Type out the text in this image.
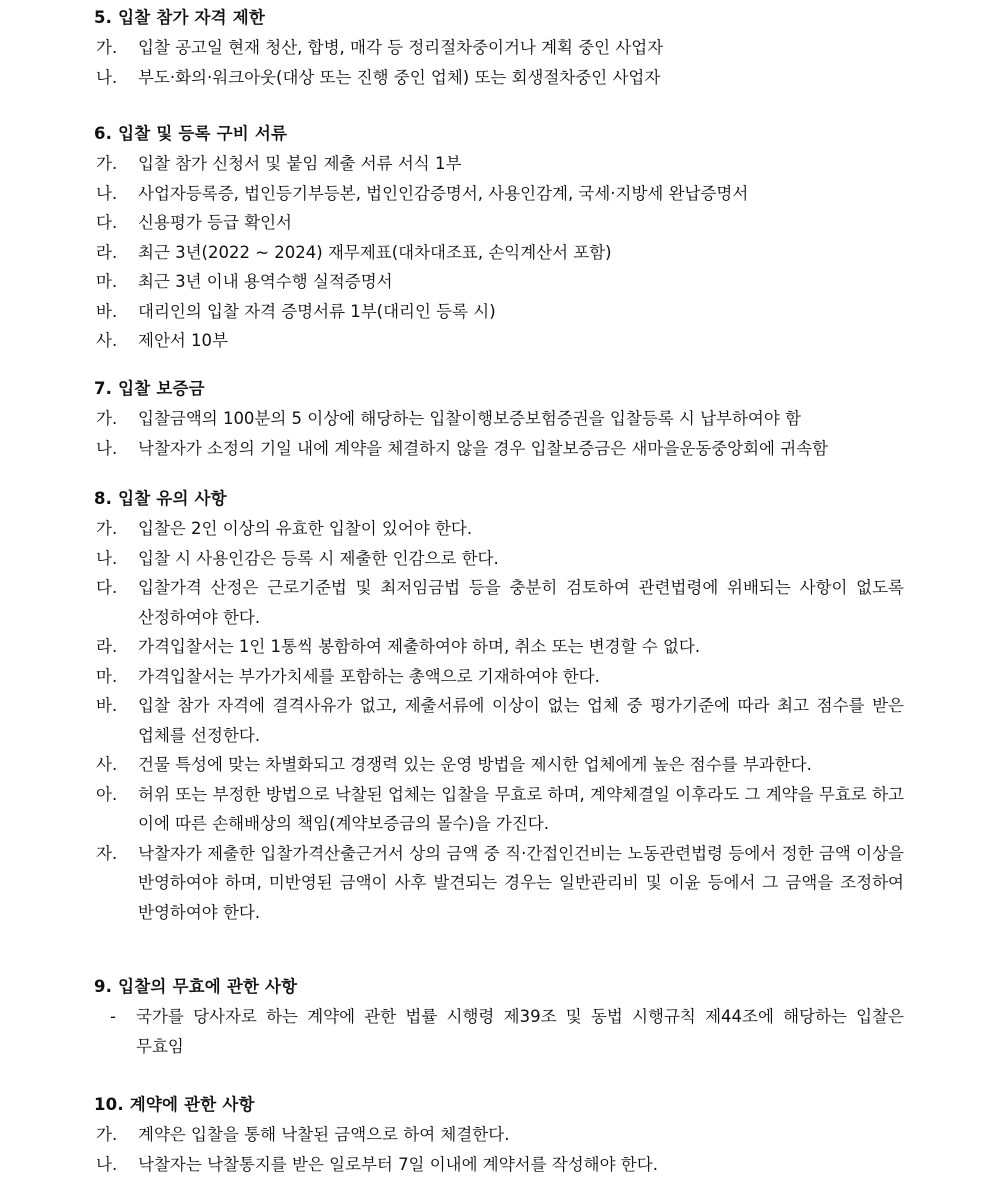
5. 입찰 참가 자격 제한
가.	입찰 공고일 현재 청산, 합병, 매각 등 정리절차중이거나 계획 중인 사업자
나.	부도·화의·워크아웃(대상 또는 진행 중인 업체) 또는 회생절차중인 사업자
6. 입찰 및 등록 구비 서류
가.	입찰 참가 신청서 및 붙임 제출 서류 서식 1부
나.	사업자등록증, 법인등기부등본, 법인인감증명서, 사용인감계, 국세·지방세 완납증명서
다.	신용평가 등급 확인서
라.	최근 3년(2022 ~ 2024) 재무제표(대차대조표, 손익계산서 포함)
마.	최근 3년 이내 용역수행 실적증명서
바.	대리인의 입찰 자격 증명서류 1부(대리인 등록 시)
사.	제안서 10부
7. 입찰 보증금
가.	입찰금액의 100분의 5 이상에 해당하는 입찰이행보증보험증권을 입찰등록 시 납부하여야 함
나.	낙찰자가 소정의 기일 내에 계약을 체결하지 않을 경우 입찰보증금은 새마을운동중앙회에 귀속함
8. 입찰 유의 사항
가.	입찰은 2인 이상의 유효한 입찰이 있어야 한다.
나.	입찰 시 사용인감은 등록 시 제출한 인감으로 한다.
다.	입찰가격 산정은 근로기준법 및 최저임금법 등을 충분히 검토하여 관련법령에 위배되는 사항이 없도록 산정하여야 한다.
라.	가격입찰서는 1인 1통씩 봉함하여 제출하여야 하며, 취소 또는 변경할 수 없다.
마.	가격입찰서는 부가가치세를 포함하는 총액으로 기재하여야 한다.
바.	입찰 참가 자격에 결격사유가 없고, 제출서류에 이상이 없는 업체 중 평가기준에 따라 최고 점수를 받은 업체를 선정한다.
사.	건물 특성에 맞는 차별화되고 경쟁력 있는 운영 방법을 제시한 업체에게 높은 점수를 부과한다.
아.	허위 또는 부정한 방법으로 낙찰된 업체는 입찰을 무효로 하며, 계약체결일 이후라도 그 계약을 무효로 하고 이에 따른 손해배상의 책임(계약보증금의 몰수)을 가진다.
자.	낙찰자가 제출한 입찰가격산출근거서 상의 금액 중 직·간접인건비는 노동관련법령 등에서 정한 금액 이상을 반영하여야 하며, 미반영된 금액이 사후 발견되는 경우는 일반관리비 및 이윤 등에서 그 금액을 조정하여 반영하여야 한다.
9. 입찰의 무효에 관한 사항
-	국가를 당사자로 하는 계약에 관한 법률 시행령 제39조 및 동법 시행규칙 제44조에 해당하는 입찰은 무효임
10. 계약에 관한 사항
가.	계약은 입찰을 통해 낙찰된 금액으로 하여 체결한다.
나.	낙찰자는 낙찰통지를 받은 일로부터 7일 이내에 계약서를 작성해야 한다.
